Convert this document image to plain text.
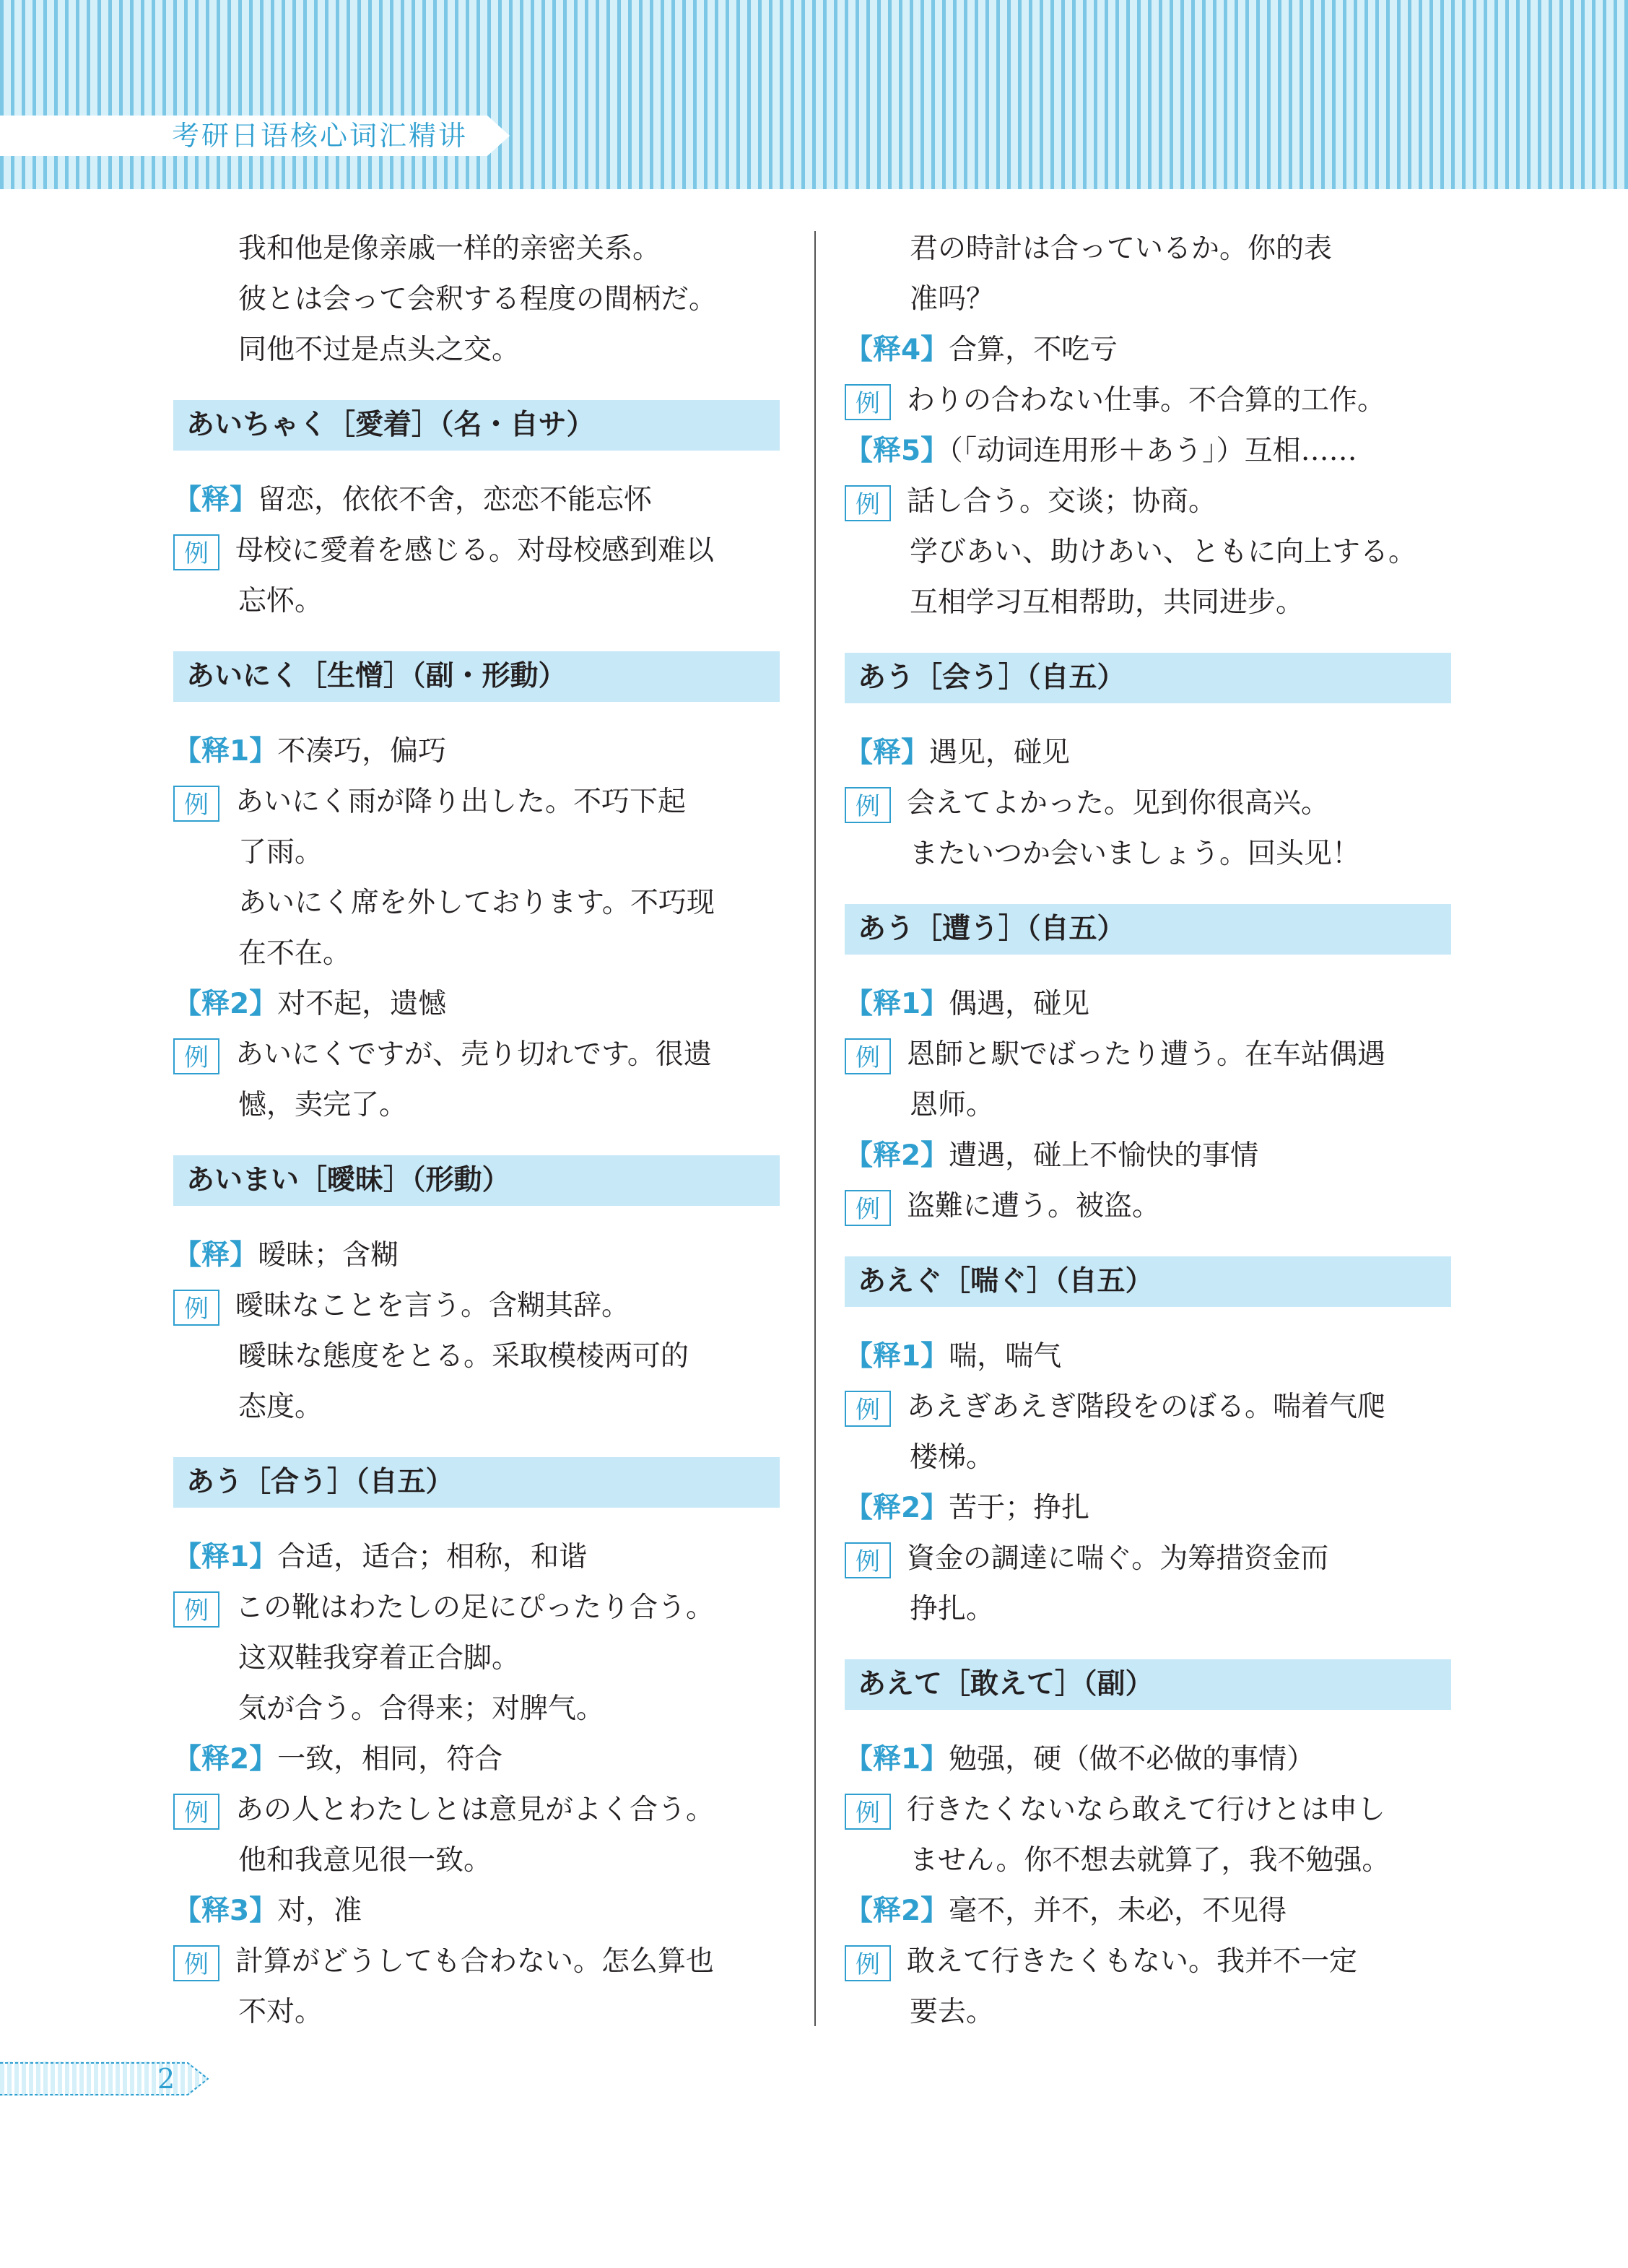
考研日语核心词汇精讲
我和他是像亲戚一样的亲密关系。
彼とは会って会釈する程度の間柄だ。
同他不过是点头之交。
あいちゃく［愛着］（名・自サ）
【释】留恋，依依不舍，恋恋不能忘怀
例 母校に愛着を感じる。对母校感到难以
忘怀。
あいにく［生憎］（副・形動）
【释1】不凑巧，偏巧
例 あいにく雨が降り出した。不巧下起
了雨。
あいにく席を外しております。不巧现
在不在。
【释2】对不起，遗憾
例 あいにくですが、売り切れです。很遗
憾，卖完了。
あいまい［曖昧］（形動）
【释】暧昧；含糊
例 曖昧なことを言う。含糊其辞。
曖昧な態度をとる。采取模棱两可的
态度。
あう［合う］（自五）
【释1】合适，适合；相称，和谐
例 この靴はわたしの足にぴったり合う。
这双鞋我穿着正合脚。
気が合う。合得来；对脾气。
【释2】一致，相同，符合
例 あの人とわたしとは意見がよく合う。
他和我意见很一致。
【释3】对，准
例 計算がどうしても合わない。怎么算也
不对。
君の時計は合っているか。你的表
准吗？
【释4】合算，不吃亏
例 わりの合わない仕事。不合算的工作。
【释5】（「动词连用形＋あう」）互相……
例 話し合う。交谈；协商。
学びあい、助けあい、ともに向上する。
互相学习互相帮助，共同进步。
あう［会う］（自五）
【释】遇见，碰见
例 会えてよかった。见到你很高兴。
またいつか会いましょう。回头见！
あう［遭う］（自五）
【释1】偶遇，碰见
例 恩師と駅でばったり遭う。在车站偶遇
恩师。
【释2】遭遇，碰上不愉快的事情
例 盗難に遭う。被盗。
あえぐ［喘ぐ］（自五）
【释1】喘，喘气
例 あえぎあえぎ階段をのぼる。喘着气爬
楼梯。
【释2】苦于；挣扎
例 資金の調達に喘ぐ。为筹措资金而
挣扎。
あえて［敢えて］（副）
【释1】勉强，硬（做不必做的事情）
例 行きたくないなら敢えて行けとは申し
ません。你不想去就算了，我不勉强。
【释2】毫不，并不，未必，不见得
例 敢えて行きたくもない。我并不一定
要去。
2
